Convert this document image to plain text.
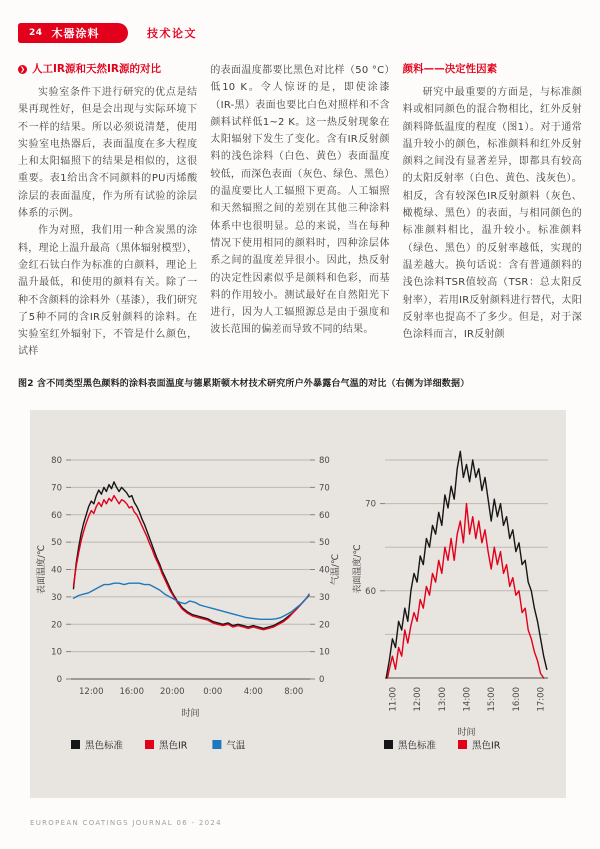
24 木器涂料	技术论文
❯ 人工IR源和天然IR源的对比

实验室条件下进行研究的优点是结果再现性好，但是会出现与实际环境下不一样的结果。所以必须说清楚，使用实验室电热器后，表面温度在多大程度上和太阳辐照下的结果是相似的，这很重要。表1给出含不同颜料的PU丙烯酸涂层的表面温度，作为所有试验的涂层体系的示例。

作为对照，我们用一种含炭黑的涂料，理论上温升最高（黑体辐射模型），金红石钛白作为标准的白颜料，理论上温升最低，和使用的颜料有关。除了一种不含颜料的涂料外（基漆），我们研究了5种不同的含IR反射颜料的涂料。在实验室红外辐射下，不管是什么颜色，试样

的表面温度都要比黑色对比样（50 °C）低10 K。令人惊讶的是，即使涂漆（IR-黑）表面也要比白色对照样和不含颜料试样低1~2 K。这一热反射现象在太阳辐射下发生了变化。含有IR反射颜料的浅色涂料（白色、黄色）表面温度较低，而深色表面（灰色、绿色、黑色）的温度要比人工辐照下更高。人工辐照和天然辐照之间的差别在其他三种涂料体系中也很明显。总的来说，当在每种情况下使用相同的颜料时，四种涂层体系之间的温度差异很小。因此，热反射的决定性因素似乎是颜料和色彩，而基料的作用较小。测试最好在自然阳光下进行，因为人工辐照源总是由于强度和波长范围的偏差而导致不同的结果。

颜料——决定性因素

研究中最重要的方面是，与标准颜料或相同颜色的混合物相比，红外反射颜料降低温度的程度（图1）。对于通常温升较小的颜色，标准颜料和红外反射颜料之间没有显著差异，即都具有较高的太阳反射率（白色、黄色、浅灰色）。相反，含有较深色IR反射颜料（灰色、橄榄绿、黑色）的表面，与相同颜色的标准颜料相比，温升较小。标准颜料（绿色、黑色）的反射率越低，实现的温差越大。换句话说：含有普通颜料的浅色涂料TSR值较高（TSR：总太阳反射率），若用IR反射颜料进行替代，太阳反射率也提高不了多少。但是，对于深色涂料而言，IR反射颜

图2 含不同类型黑色颜料的涂料表面温度与德累斯顿木材技术研究所户外暴露台气温的对比（右侧为详细数据）
0	0
10	10
20	20
30	30
40	40
50	50
60	60
70	70
80	80
12:00 16:00 20:00 0:00	4:00	8:00
时间
表面温度/℃	气温/℃
黑色标准	黑色IR	气温
60
70
11:00 12:00 13:00 14:00 15:00 16:00 17:00
时间
表面温度/℃
黑色标准	黑色IR
EUROPEAN COATINGS JOURNAL 06 - 2024
